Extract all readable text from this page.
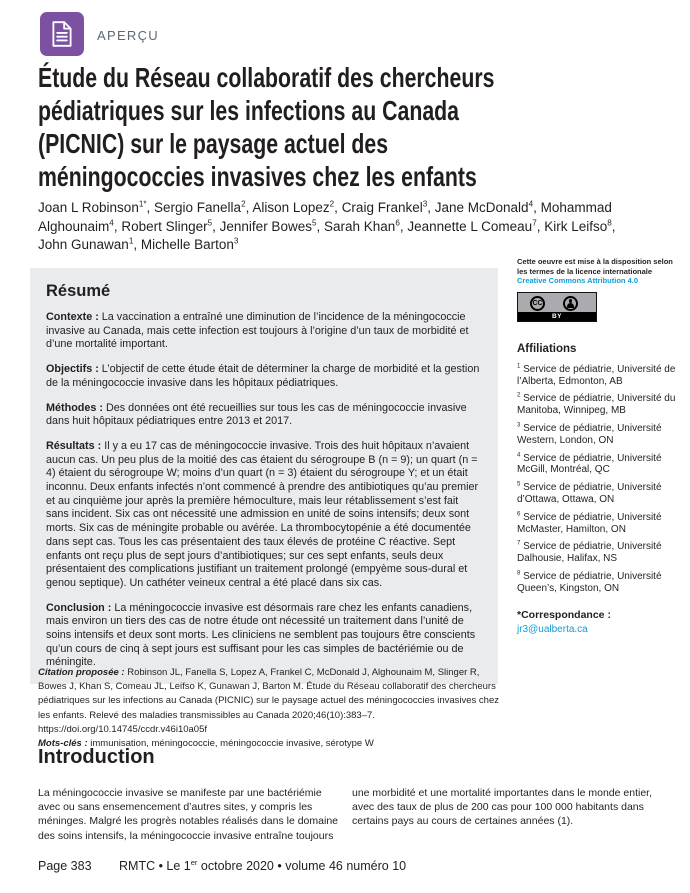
APERÇU
Étude du Réseau collaboratif des chercheurs
pédiatriques sur les infections au Canada
(PICNIC) sur le paysage actuel des
méningococcies invasives chez les enfants

Joan L Robinson$^{1*}$, Sergio Fanella$^2$, Alison Lopez$^2$, Craig Frankel$^3$, Jane McDonald$^4$, Mohammad Alghounaim$^4$, Robert Slinger$^5$, Jennifer Bowes$^5$, Sarah Khan$^6$, Jeannette L Comeau$^7$, Kirk Leifso$^8$, John Gunawan$^1$, Michelle Barton$^3$

Résumé

Contexte : La vaccination a entraîné une diminution de l’incidence de la méningococcie invasive au Canada, mais cette infection est toujours à l’origine d’un taux de morbidité et d’une mortalité important.

Objectifs : L’objectif de cette étude était de déterminer la charge de morbidité et la gestion de la méningococcie invasive dans les hôpitaux pédiatriques.

Méthodes : Des données ont été recueillies sur tous les cas de méningococcie invasive dans huit hôpitaux pédiatriques entre 2013 et 2017.

Résultats : Il y a eu 17 cas de méningococcie invasive. Trois des huit hôpitaux n’avaient aucun cas. Un peu plus de la moitié des cas étaient du sérogroupe B (n = 9); un quart (n = 4) étaient du sérogroupe W; moins d’un quart (n = 3) étaient du sérogroupe Y; et un était inconnu. Deux enfants infectés n’ont commencé à prendre des antibiotiques qu’au premier et au cinquième jour après la première hémoculture, mais leur rétablissement s’est fait sans incident. Six cas ont nécessité une admission en unité de soins intensifs; deux sont morts. Six cas de méningite probable ou avérée. La thrombocytopénie a été documentée dans sept cas. Tous les cas présentaient des taux élevés de protéine C réactive. Sept enfants ont reçu plus de sept jours d’antibiotiques; sur ces sept enfants, seuls deux présentaient des complications justifiant un traitement prolongé (empyème sous-dural et genou septique). Un cathéter veineux central a été placé dans six cas.

Conclusion : La méningococcie invasive est désormais rare chez les enfants canadiens, mais environ un tiers des cas de notre étude ont nécessité un traitement dans l’unité de soins intensifs et deux sont morts. Les cliniciens ne semblent pas toujours être conscients qu’un cours de cinq à sept jours est suffisant pour les cas simples de bactériémie ou de méningite.

Cette oeuvre est mise à la disposition selon les termes de la licence internationale Creative Commons Attribution 4.0

CC
BY
Affiliations

$^1$ Service de pédiatrie, Université de l’Alberta, Edmonton, AB

$^2$ Service de pédiatrie, Université du Manitoba, Winnipeg, MB

$^3$ Service de pédiatrie, Université Western, London, ON

$^4$ Service de pédiatrie, Université McGill, Montréal, QC

$^5$ Service de pédiatrie, Université d’Ottawa, Ottawa, ON

$^6$ Service de pédiatrie, Université McMaster, Hamilton, ON

$^7$ Service de pédiatrie, Université Dalhousie, Halifax, NS

$^8$ Service de pédiatrie, Université Queen’s, Kingston, ON

*Correspondance :
jr3@ualberta.ca

Citation proposée : Robinson JL, Fanella S, Lopez A, Frankel C, McDonald J, Alghounaim M, Slinger R, Bowes J, Khan S, Comeau JL, Leifso K, Gunawan J, Barton M. Étude du Réseau collaboratif des chercheurs pédiatriques sur les infections au Canada (PICNIC) sur le paysage actuel des méningococcies invasives chez les enfants. Relevé des maladies transmissibles au Canada 2020;46(10):383–7. https://doi.org/10.14745/ccdr.v46i10a05f

Mots-clés : immunisation, méningococcie, méningococcie invasive, sérotype W

Introduction

La méningococcie invasive se manifeste par une bactériémie avec ou sans ensemencement d’autres sites, y compris les méninges. Malgré les progrès notables réalisés dans le domaine des soins intensifs, la méningococcie invasive entraîne toujours

une morbidité et une mortalité importantes dans le monde entier, avec des taux de plus de 200 cas pour 100 000 habitants dans certains pays au cours de certaines années (1).

Page 383 RMTC • Le 1er octobre 2020 • volume 46 numéro 10
